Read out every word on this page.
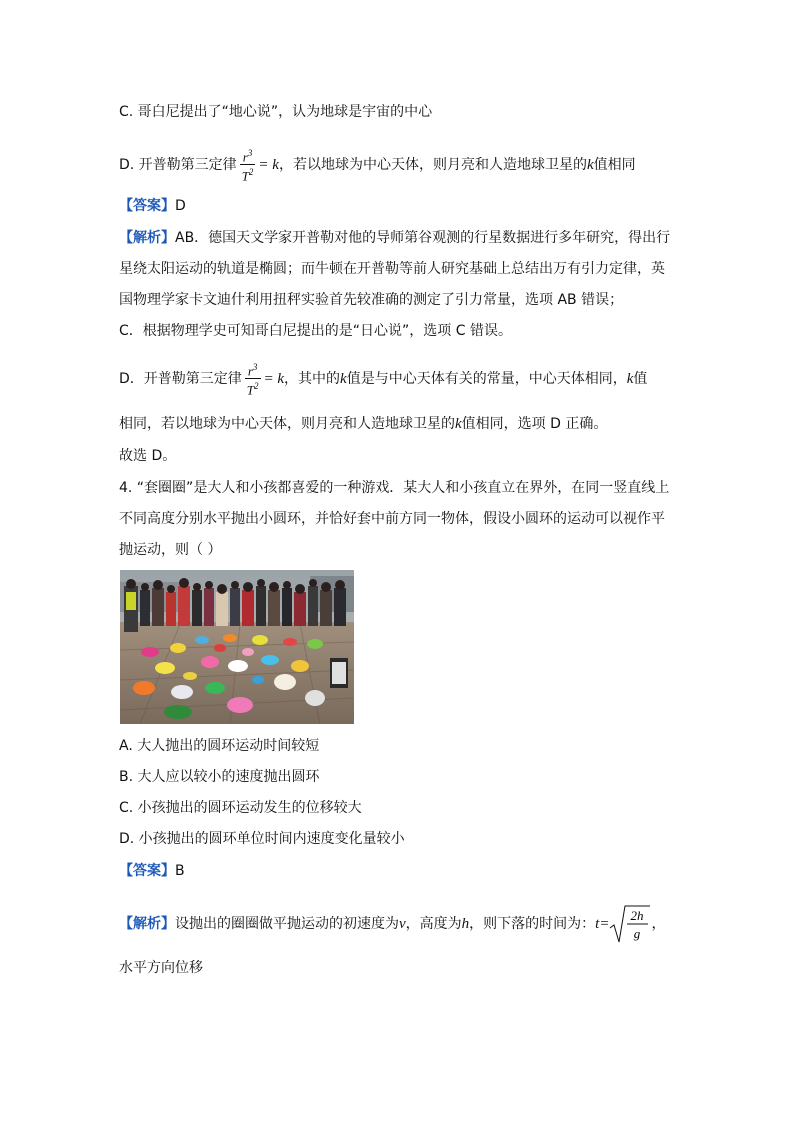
C. 哥白尼提出了“地心说”，认为地球是宇宙的中心
D. 开普勒第三定律 $\frac{r^3}{T^2} = k$，若以地球为中心天体，则月亮和人造地球卫星的k值相同
【答案】D
【解析】AB．德国天文学家开普勒对他的导师第谷观测的行星数据进行多年研究，得出行
星绕太阳运动的轨道是椭圆；而牛顿在开普勒等前人研究基础上总结出万有引力定律，英
国物理学家卡文迪什利用扭秤实验首先较准确的测定了引力常量，选项 AB 错误；
C．根据物理学史可知哥白尼提出的是“日心说”，选项 C 错误。
D．开普勒第三定律 $\frac{r^3}{T^2} = k$，其中的k值是与中心天体有关的常量，中心天体相同，k值
相同，若以地球为中心天体，则月亮和人造地球卫星的k值相同，选项 D 正确。
故选 D。
4. “套圈圈”是大人和小孩都喜爱的一种游戏．某大人和小孩直立在界外，在同一竖直线上
不同高度分别水平抛出小圆环，并恰好套中前方同一物体，假设小圆环的运动可以视作平
抛运动，则（ ）
A. 大人抛出的圆环运动时间较短
B. 大人应以较小的速度抛出圆环
C. 小孩抛出的圆环运动发生的位移较大
D. 小孩抛出的圆环单位时间内速度变化量较小
【答案】B
【解析】设抛出的圈圈做平抛运动的初速度为v，高度为h，则下落的时间为：t=
2h
g
，
水平方向位移
